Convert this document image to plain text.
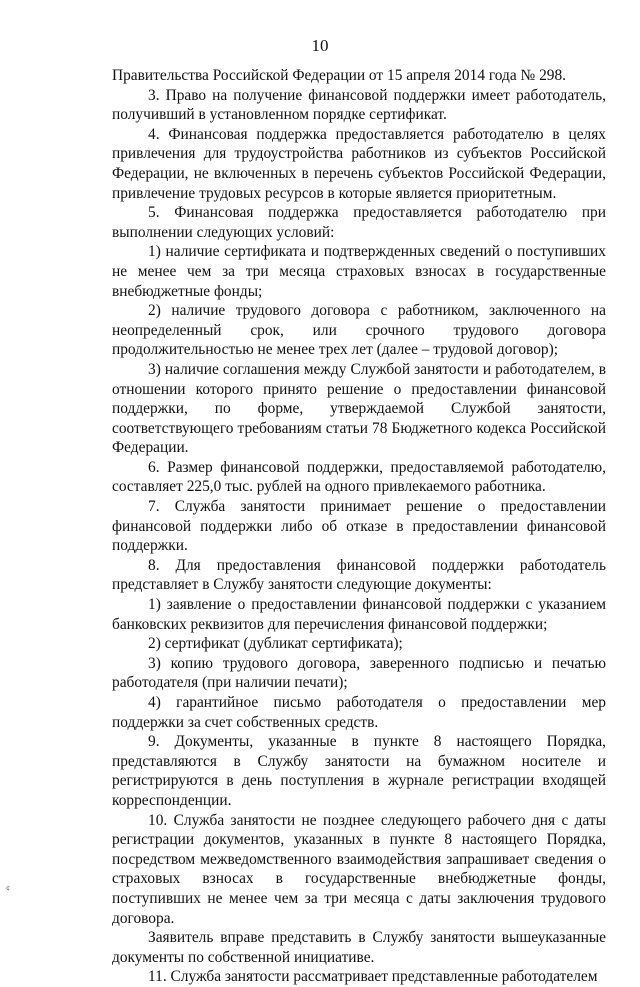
10

Правительства Российской Федерации от 15 апреля 2014 года № 298.

3. Право на получение финансовой поддержки имеет работодатель, получивший в установленном порядке сертификат.

4. Финансовая поддержка предоставляется работодателю в целях привлечения для трудоустройства работников из субъектов Российской Федерации, не включенных в перечень субъектов Российской Федерации, привлечение трудовых ресурсов в которые является приоритетным.

5. Финансовая поддержка предоставляется работодателю при выполнении следующих условий:

1) наличие сертификата и подтвержденных сведений о поступивших не менее чем за три месяца страховых взносах в государственные внебюджетные фонды;

2) наличие трудового договора с работником, заключенного на неопределенный срок, или срочного трудового договора продолжительностью не менее трех лет (далее – трудовой договор);

3) наличие соглашения между Службой занятости и работодателем, в отношении которого принято решение о предоставлении финансовой поддержки, по форме, утверждаемой Службой занятости, соответствующего требованиям статьи 78 Бюджетного кодекса Российской Федерации.

6. Размер финансовой поддержки, предоставляемой работодателю, составляет 225,0 тыс. рублей на одного привлекаемого работника.

7. Служба занятости принимает решение о предоставлении финансовой поддержки либо об отказе в предоставлении финансовой поддержки.

8. Для предоставления финансовой поддержки работодатель представляет в Службу занятости следующие документы:

1) заявление о предоставлении финансовой поддержки с указанием банковских реквизитов для перечисления финансовой поддержки;

2) сертификат (дубликат сертификата);

3) копию трудового договора, заверенного подписью и печатью работодателя (при наличии печати);

4) гарантийное письмо работодателя о предоставлении мер поддержки за счет собственных средств.

9. Документы, указанные в пункте 8 настоящего Порядка, представляются в Службу занятости на бумажном носителе и регистрируются в день поступления в журнале регистрации входящей корреспонденции.

10. Служба занятости не позднее следующего рабочего дня с даты регистрации документов, указанных в пункте 8 настоящего Порядка, посредством межведомственного взаимодействия запрашивает сведения о страховых взносах в государственные внебюджетные фонды, поступивших не менее чем за три месяца с даты заключения трудового договора.

Заявитель вправе представить в Службу занятости вышеуказанные документы по собственной инициативе.

11. Служба занятости рассматривает представленные работодателем

¢
